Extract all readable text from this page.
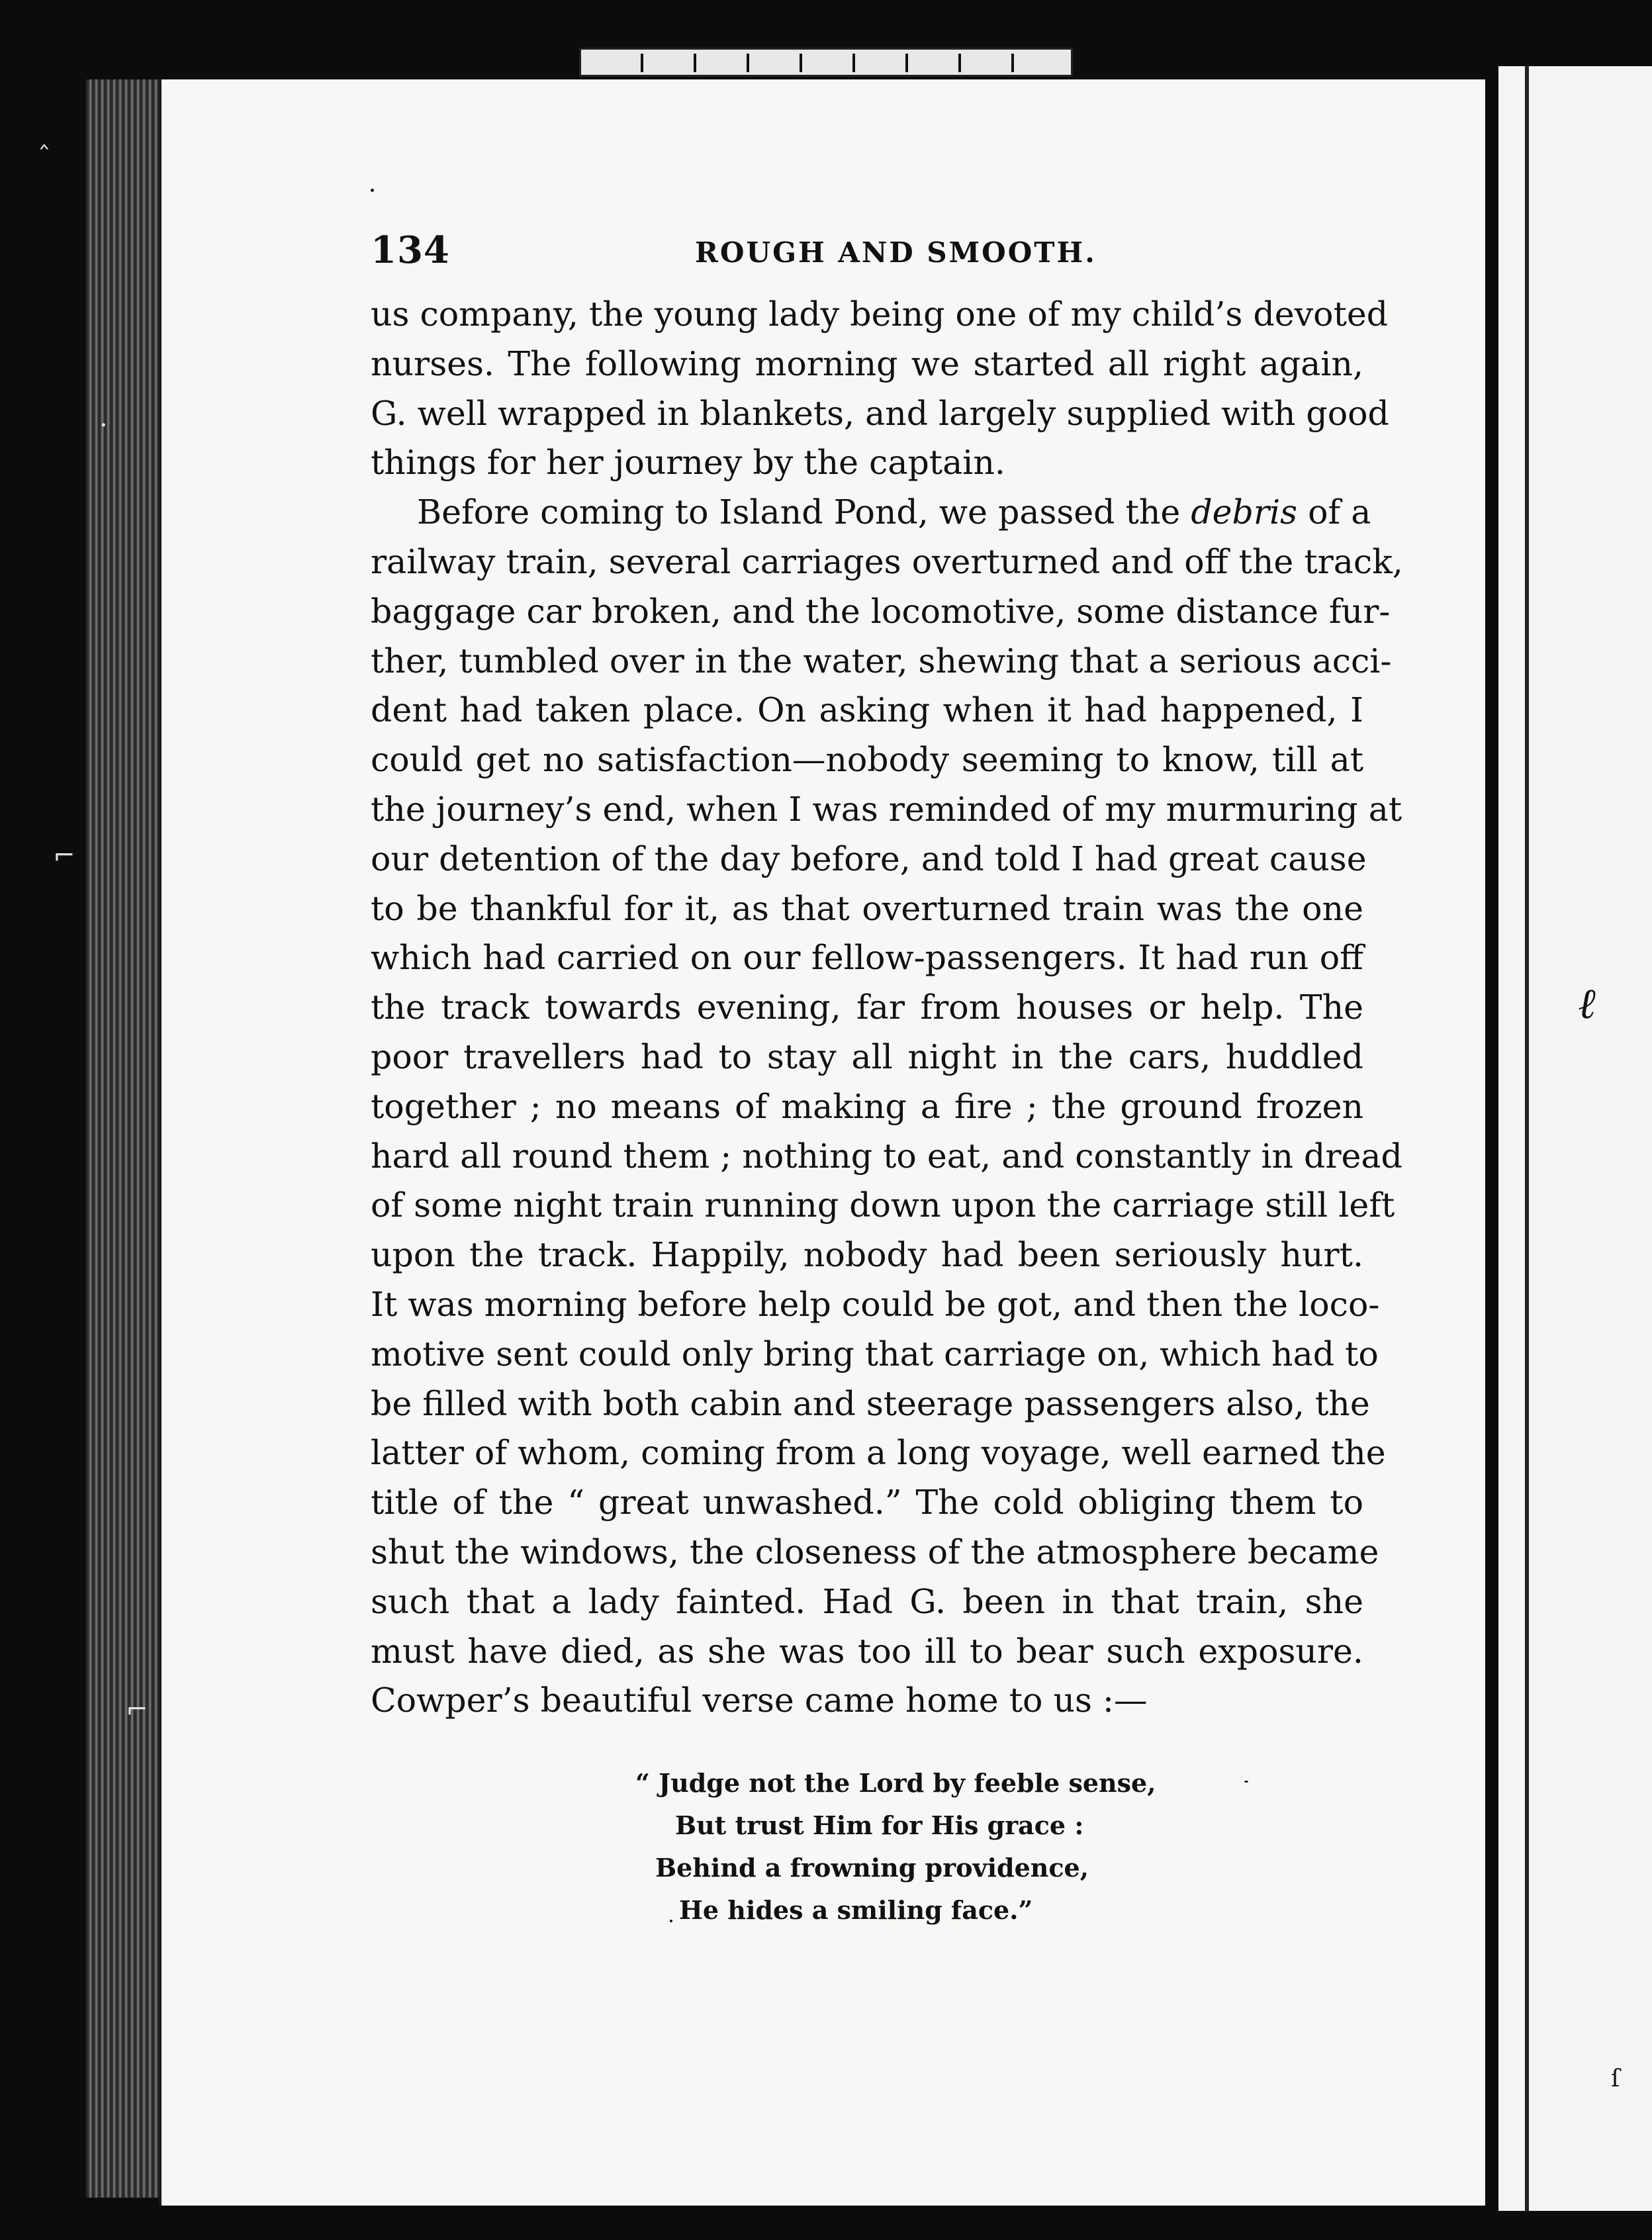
ℓ
ſ
134	ROUGH AND SMOOTH.
us company, the young lady being one of my child’s devoted
nurses. The following morning we started all right again,
G. well wrapped in blankets, and largely supplied with good
things for her journey by the captain.
Before coming to Island Pond, we passed the debris of a
railway train, several carriages overturned and off the track,
baggage car broken, and the locomotive, some distance fur-
ther, tumbled over in the water, shewing that a serious acci-
dent had taken place. On asking when it had happened, I
could get no satisfaction—nobody seeming to know, till at
the journey’s end, when I was reminded of my murmuring at
our detention of the day before, and told I had great cause
to be thankful for it, as that overturned train was the one
which had carried on our fellow-passengers. It had run off
the track towards evening, far from houses or help. The
poor travellers had to stay all night in the cars, huddled
together ; no means of making a fire ; the ground frozen
hard all round them ; nothing to eat, and constantly in dread
of some night train running down upon the carriage still left
upon the track. Happily, nobody had been seriously hurt.
It was morning before help could be got, and then the loco-
motive sent could only bring that carriage on, which had to
be filled with both cabin and steerage passengers also, the
latter of whom, coming from a long voyage, well earned the
title of the “ great unwashed.” The cold obliging them to
shut the windows, the closeness of the atmosphere became
such that a lady fainted. Had G. been in that train, she
must have died, as she was too ill to bear such exposure.
Cowper’s beautiful verse came home to us :—
“ Judge not the Lord by feeble sense,
But trust Him for His grace :
Behind a frowning providence,
He hides a smiling face.”
‸
·
⌐
⌐
